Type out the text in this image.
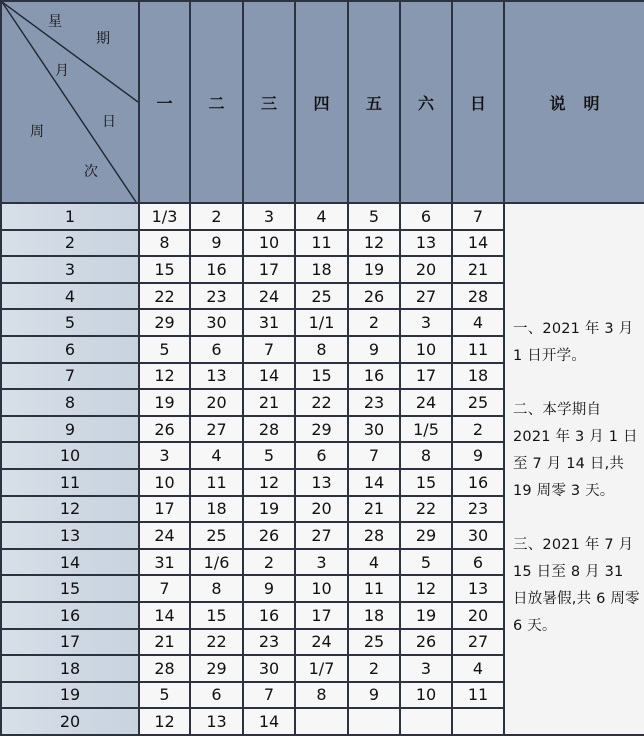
星
期
月
日
周
次
	一	二	三	四	五	六	日	说明
1	1/3	2	3	4	5	6	7	一、2021 年 3 月 1 日开学。

二、本学期自 2021 年 3 月 1 日至 7 月 14 日,共 19 周零 3 天。

三、2021 年 7 月 15 日至 8 月 31 日放暑假,共 6 周零 6 天。

2	8	9	10	11	12	13	14	
3	15	16	17	18	19	20	21	
4	22	23	24	25	26	27	28	
5	29	30	31	1/1	2	3	4	
6	5	6	7	8	9	10	11	
7	12	13	14	15	16	17	18	
8	19	20	21	22	23	24	25	
9	26	27	28	29	30	1/5	2	
10	3	4	5	6	7	8	9	
11	10	11	12	13	14	15	16	
12	17	18	19	20	21	22	23	
13	24	25	26	27	28	29	30	
14	31	1/6	2	3	4	5	6	
15	7	8	9	10	11	12	13	
16	14	15	16	17	18	19	20	
17	21	22	23	24	25	26	27	
18	28	29	30	1/7	2	3	4	
19	5	6	7	8	9	10	11	
20	12	13	14					
